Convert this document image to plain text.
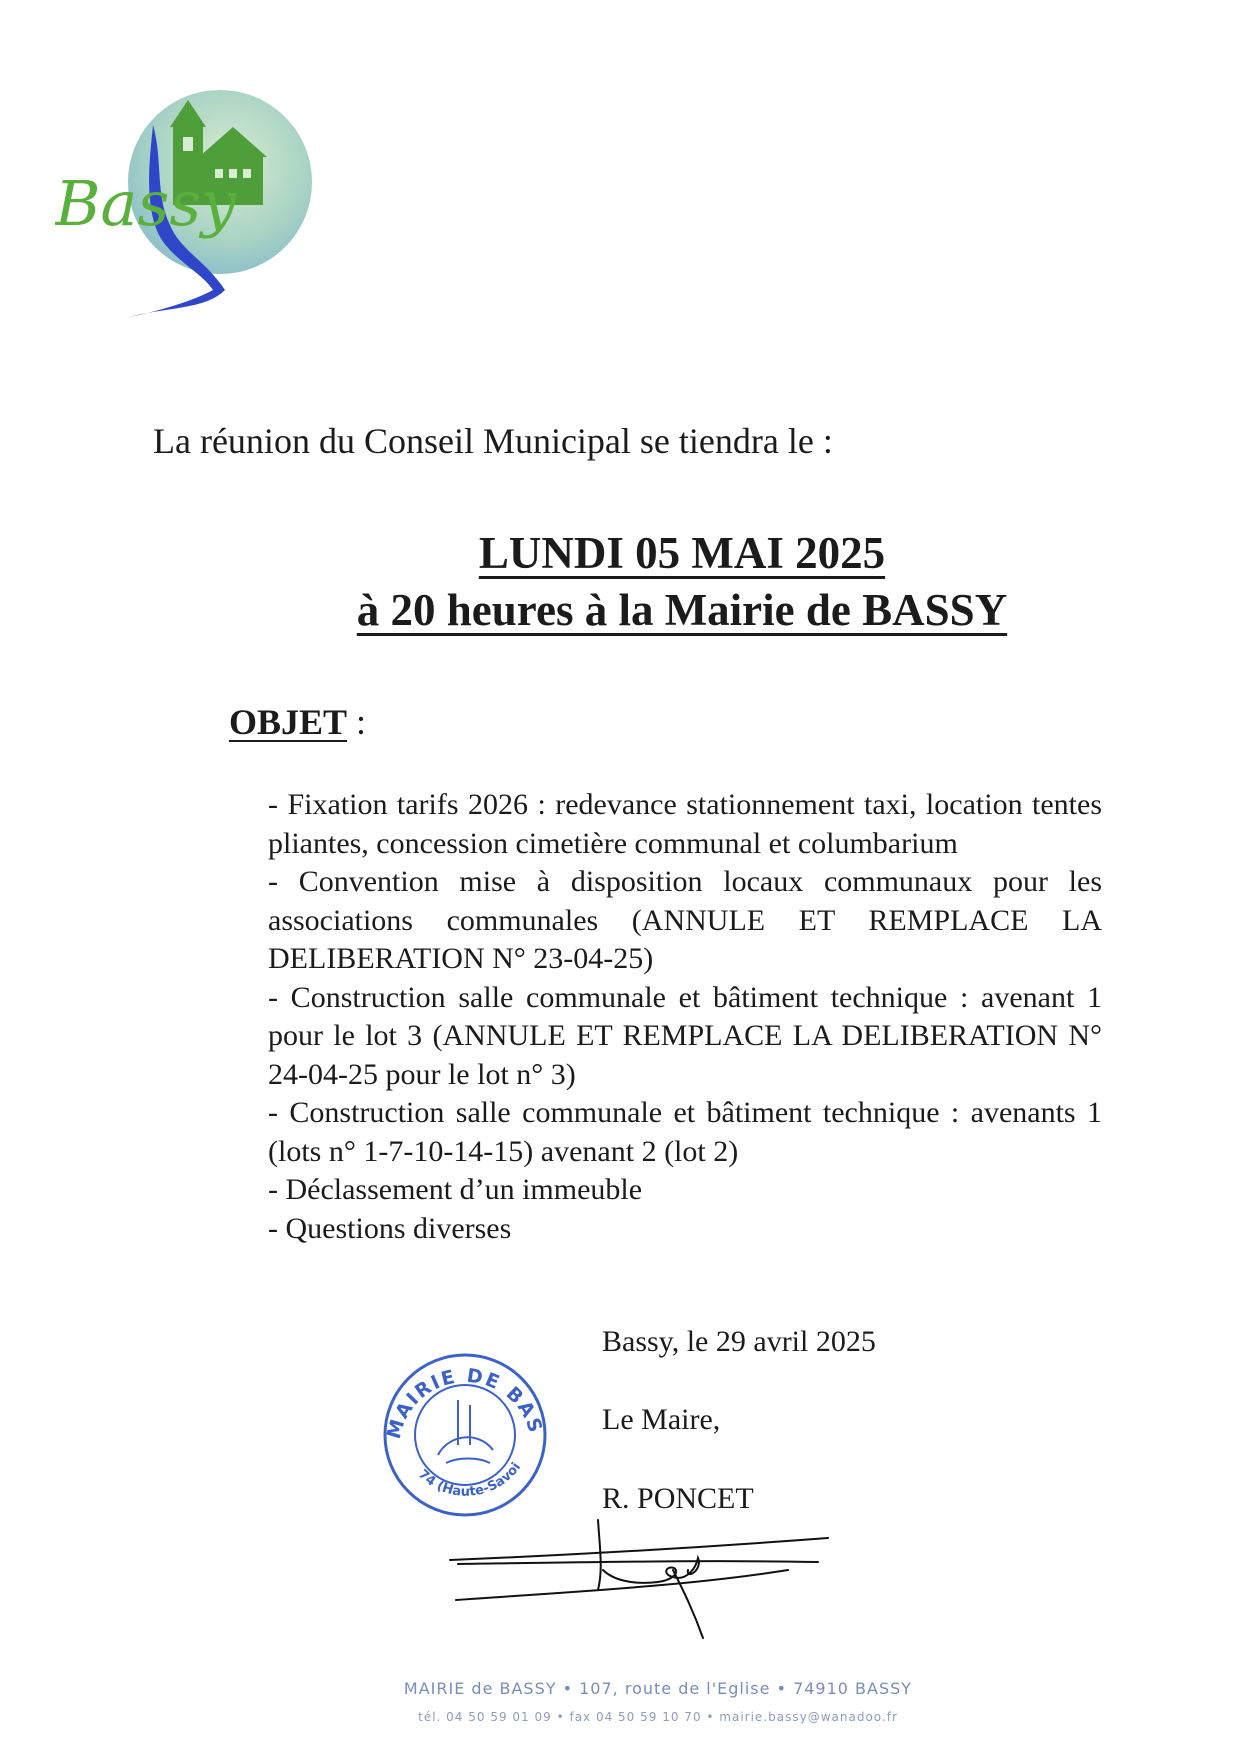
Bassy
La réunion du Conseil Municipal se tiendra le :
LUNDI 05 MAI 2025
à 20 heures à la Mairie de BASSY
OBJET :

- Fixation tarifs 2026 : redevance stationnement taxi, location tentes pliantes, concession cimetière communal et columbarium

- Convention mise à disposition locaux communaux pour les associations communales (ANNULE ET REMPLACE LA DELIBERATION N° 23-04-25)

- Construction salle communale et bâtiment technique : avenant 1 pour le lot 3 (ANNULE ET REMPLACE LA DELIBERATION N° 24-04-25 pour le lot n° 3)

- Construction salle communale et bâtiment technique : avenants 1 (lots n° 1-7-10-14-15) avenant 2 (lot 2)

- Déclassement d’un immeuble

- Questions diverses

MAIRIE DE BAS
74 (Haute-Savoi
Bassy, le 29 avril 2025
Le Maire,
R. PONCET
MAIRIE de BASSY • 107, route de l'Eglise • 74910 BASSY
tél. 04 50 59 01 09 • fax 04 50 59 10 70 • mairie.bassy@wanadoo.fr
